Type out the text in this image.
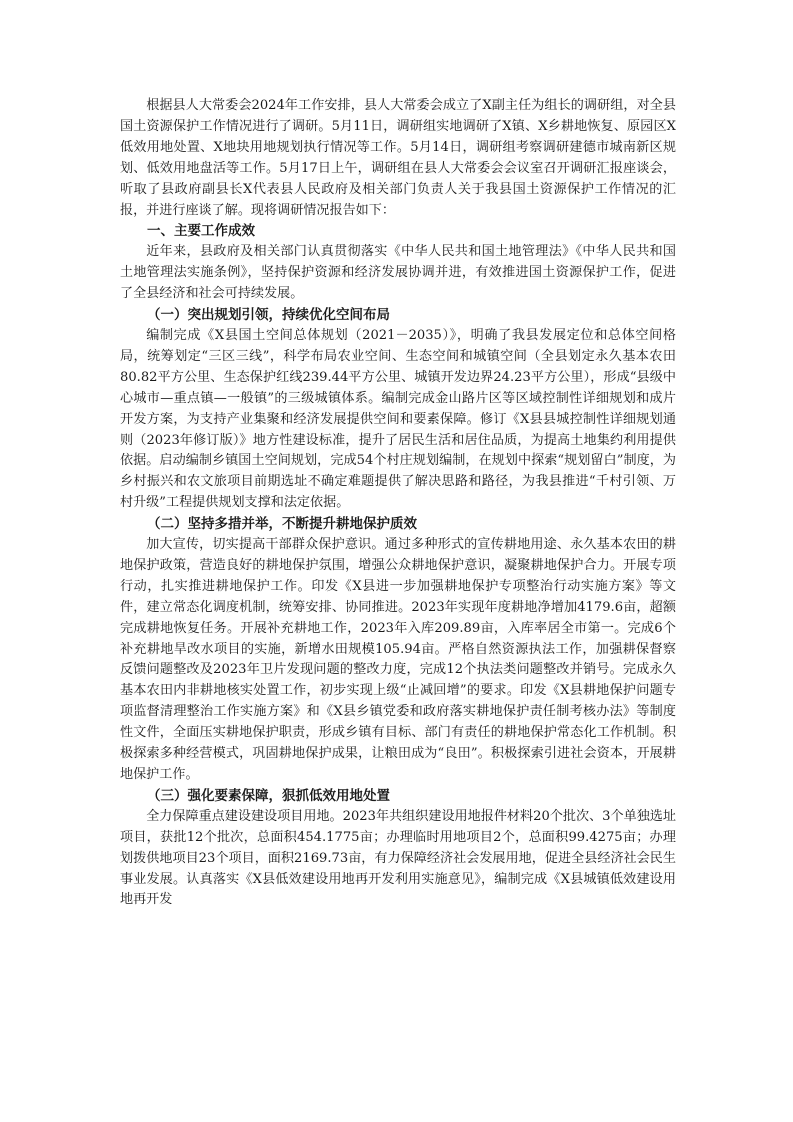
根据县人大常委会2024年工作安排，县人大常委会成立了X副主任为组长的调研组，对全县国土资源保护工作情况进行了调研。5月11日，调研组实地调研了X镇、X乡耕地恢复、原园区X低效用地处置、X地块用地规划执行情况等工作。5月14日，调研组考察调研建德市城南新区规划、低效用地盘活等工作。5月17日上午，调研组在县人大常委会会议室召开调研汇报座谈会，听取了县政府副县长X代表县人民政府及相关部门负责人关于我县国土资源保护工作情况的汇报，并进行座谈了解。现将调研情况报告如下：

一、主要工作成效

近年来，县政府及相关部门认真贯彻落实《中华人民共和国土地管理法》《中华人民共和国土地管理法实施条例》，坚持保护资源和经济发展协调并进，有效推进国土资源保护工作，促进了全县经济和社会可持续发展。

（一）突出规划引领，持续优化空间布局

编制完成《X县国土空间总体规划（2021－2035）》，明确了我县发展定位和总体空间格局，统筹划定“三区三线”，科学布局农业空间、生态空间和城镇空间（全县划定永久基本农田80.82平方公里、生态保护红线239.44平方公里、城镇开发边界24.23平方公里），形成“县级中心城市—重点镇—一般镇”的三级城镇体系。编制完成金山路片区等区域控制性详细规划和成片开发方案，为支持产业集聚和经济发展提供空间和要素保障。修订《X县县城控制性详细规划通则（2023年修订版）》地方性建设标准，提升了居民生活和居住品质，为提高土地集约利用提供依据。启动编制乡镇国土空间规划，完成54个村庄规划编制，在规划中探索“规划留白”制度，为乡村振兴和农文旅项目前期选址不确定难题提供了解决思路和路径，为我县推进“千村引领、万村升级”工程提供规划支撑和法定依据。

（二）坚持多措并举，不断提升耕地保护质效

加大宣传，切实提高干部群众保护意识。通过多种形式的宣传耕地用途、永久基本农田的耕地保护政策，营造良好的耕地保护氛围，增强公众耕地保护意识，凝聚耕地保护合力。开展专项行动，扎实推进耕地保护工作。印发《X县进一步加强耕地保护专项整治行动实施方案》等文件，建立常态化调度机制，统筹安排、协同推进。2023年实现年度耕地净增加4179.6亩，超额完成耕地恢复任务。开展补充耕地工作，2023年入库209.89亩，入库率居全市第一。完成6个补充耕地旱改水项目的实施，新增水田规模105.94亩。严格自然资源执法工作，加强耕保督察反馈问题整改及2023年卫片发现问题的整改力度，完成12个执法类问题整改并销号。完成永久基本农田内非耕地核实处置工作，初步实现上级“止减回增”的要求。印发《X县耕地保护问题专项监督清理整治工作实施方案》和《X县乡镇党委和政府落实耕地保护责任制考核办法》等制度性文件，全面压实耕地保护职责，形成乡镇有目标、部门有责任的耕地保护常态化工作机制。积极探索多种经营模式，巩固耕地保护成果，让粮田成为“良田”。积极探索引进社会资本，开展耕地保护工作。

（三）强化要素保障，狠抓低效用地处置

全力保障重点建设建设项目用地。2023年共组织建设用地报件材料20个批次、3个单独选址项目，获批12个批次，总面积454.1775亩；办理临时用地项目2个，总面积99.4275亩；办理划拨供地项目23个项目，面积2169.73亩，有力保障经济社会发展用地，促进全县经济社会民生事业发展。认真落实《X县低效建设用地再开发利用实施意见》，编制完成《X县城镇低效建设用地再开发
